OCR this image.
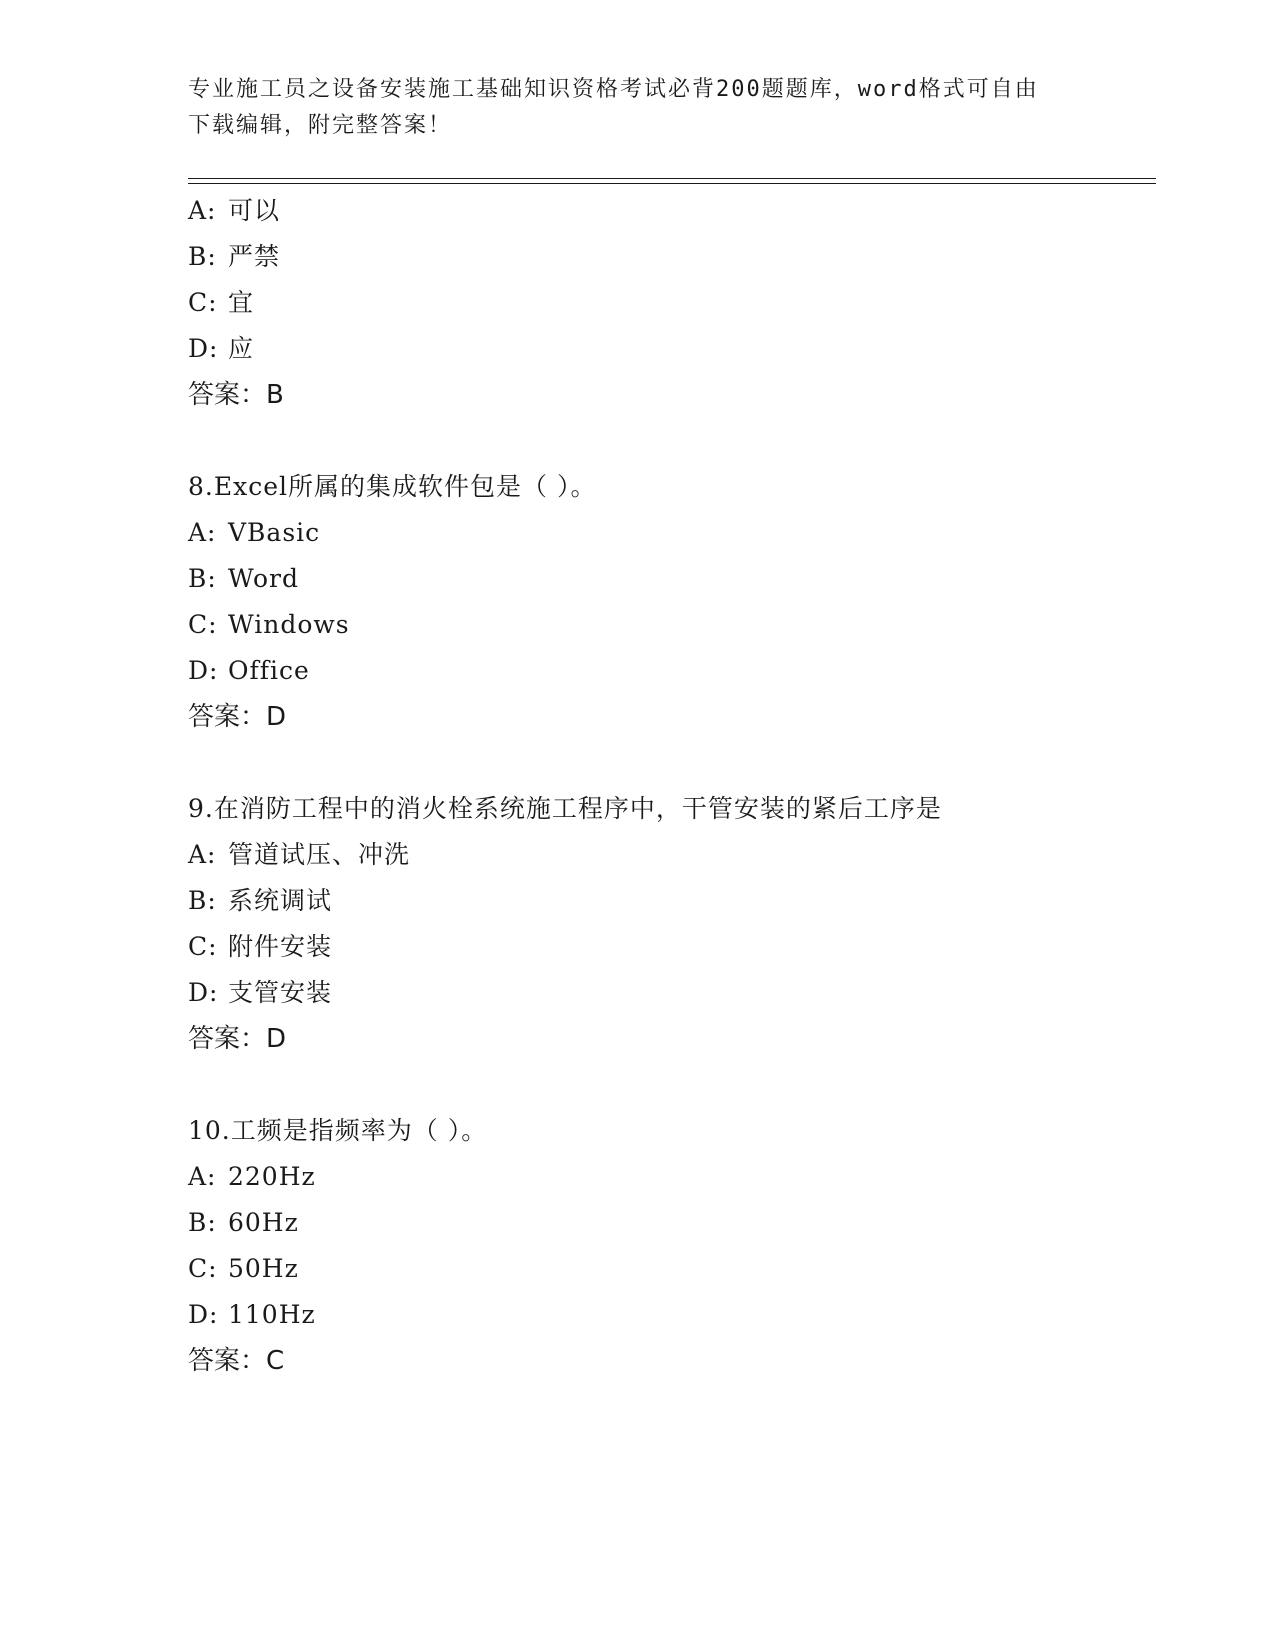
专业施工员之设备安装施工基础知识资格考试必背200题题库，word格式可自由
下载编辑，附完整答案！
A: 可以
B: 严禁
C: 宜
D: 应
答案：B
8.Excel所属的集成软件包是（ ）。
A: VBasic
B: Word
C: Windows
D: Office
答案：D
9.在消防工程中的消火栓系统施工程序中，干管安装的紧后工序是
A: 管道试压、冲洗
B: 系统调试
C: 附件安装
D: 支管安装
答案：D
10.工频是指频率为（ ）。
A: 220Hz
B: 60Hz
C: 50Hz
D: 110Hz
答案：C
